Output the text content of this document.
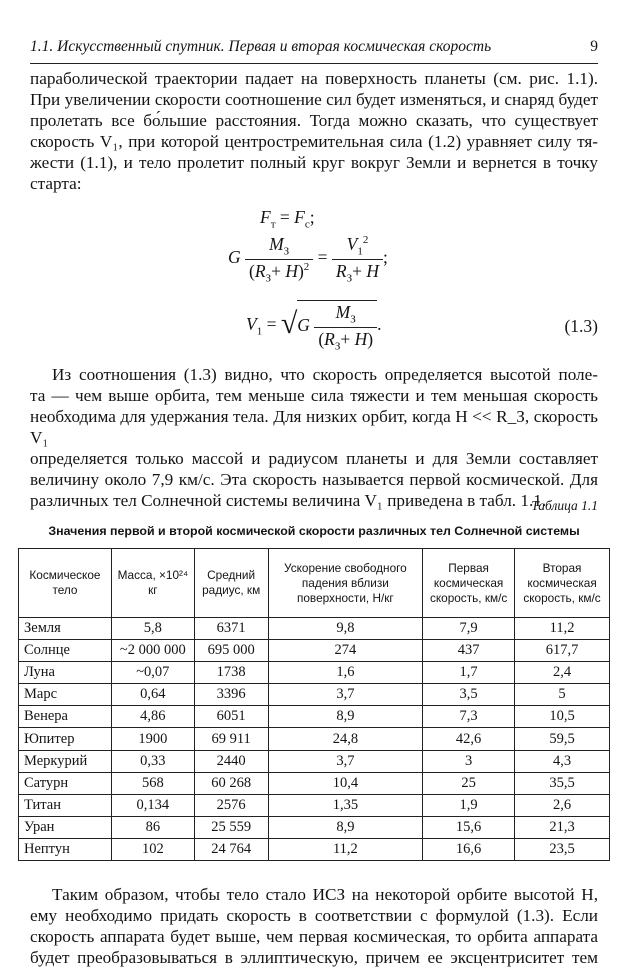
1.1. Искусственный спутник. Первая и вторая космическая скорость	9
параболической траектории падает на поверхность планеты (см. рис. 1.1).
При увеличении скорости соотношение сил будет изменяться, и снаряд будет
пролетать все бо́льшие расстояния. Тогда можно сказать, что существует
скорость V₁, при которой центростремительная сила (1.2) уравняет силу тя-
жести (1.1), и тело пролетит полный круг вокруг Земли и вернется в точку
старта:
$F_т = F_c$;
G $\frac{M_З}{(R_З+ H)^2} = \frac{V_1^2}{R_З+ H}$ ;
$V_1 = √G \frac{M_З}{(R_З+ H)}$ .	(1.3)
Из соотношения (1.3) видно, что скорость определяется высотой поле-
та — чем выше орбита, тем меньше сила тяжести и тем меньшая скорость
необходима для удержания тела. Для низких орбит, когда H << R_З, скорость V₁
определяется только массой и радиусом планеты и для Земли составляет
величину около 7,9 км/с. Эта скорость называется первой космической. Для
различных тел Солнечной системы величина V₁ приведена в табл. 1.1.
Таблица 1.1
Значения первой и второй космической скорости различных тел Солнечной системы
Космическое тело	Масса, ×10²⁴ кг	Средний радиус, км	Ускорение свободного падения вблизи поверхности, Н/кг	Первая космическая скорость, км/с	Вторая космическая скорость, км/с
Земля	5,8	6371	9,8	7,9	11,2
Солнце	~2 000 000	695 000	274	437	617,7
Луна	~0,07	1738	1,6	1,7	2,4
Марс	0,64	3396	3,7	3,5	5
Венера	4,86	6051	8,9	7,3	10,5
Юпитер	1900	69 911	24,8	42,6	59,5
Меркурий	0,33	2440	3,7	3	4,3
Сатурн	568	60 268	10,4	25	35,5
Титан	0,134	2576	1,35	1,9	2,6
Уран	86	25 559	8,9	15,6	21,3
Нептун	102	24 764	11,2	16,6	23,5
Таким образом, чтобы тело стало ИСЗ на некоторой орбите высотой H,
ему необходимо придать скорость в соответствии с формулой (1.3). Если
скорость аппарата будет выше, чем первая космическая, то орбита аппарата
будет преобразовываться в эллиптическую, причем ее эксцентриситет тем
